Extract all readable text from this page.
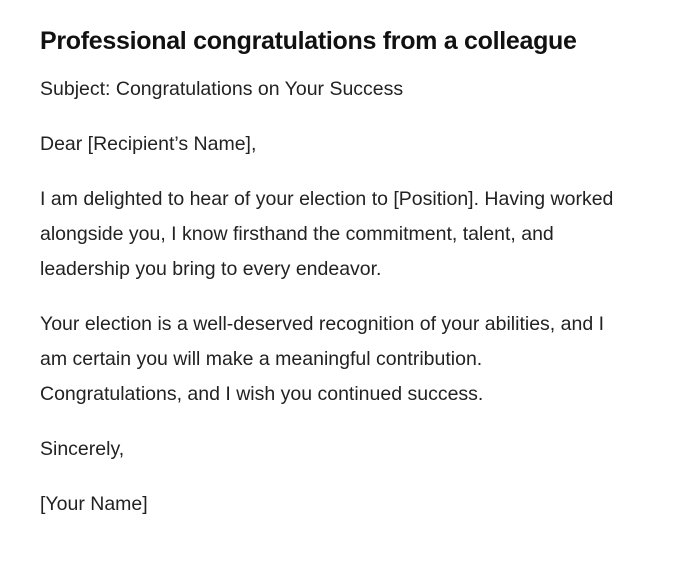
Professional congratulations from a colleague

Subject: Congratulations on Your Success

Dear [Recipient’s Name],

I am delighted to hear of your election to [Position]. Having worked alongside you, I know firsthand the commitment, talent, and leadership you bring to every endeavor.

Your election is a well-deserved recognition of your abilities, and I am certain you will make a meaningful contribution. Congratulations, and I wish you continued success.

Sincerely,

[Your Name]
